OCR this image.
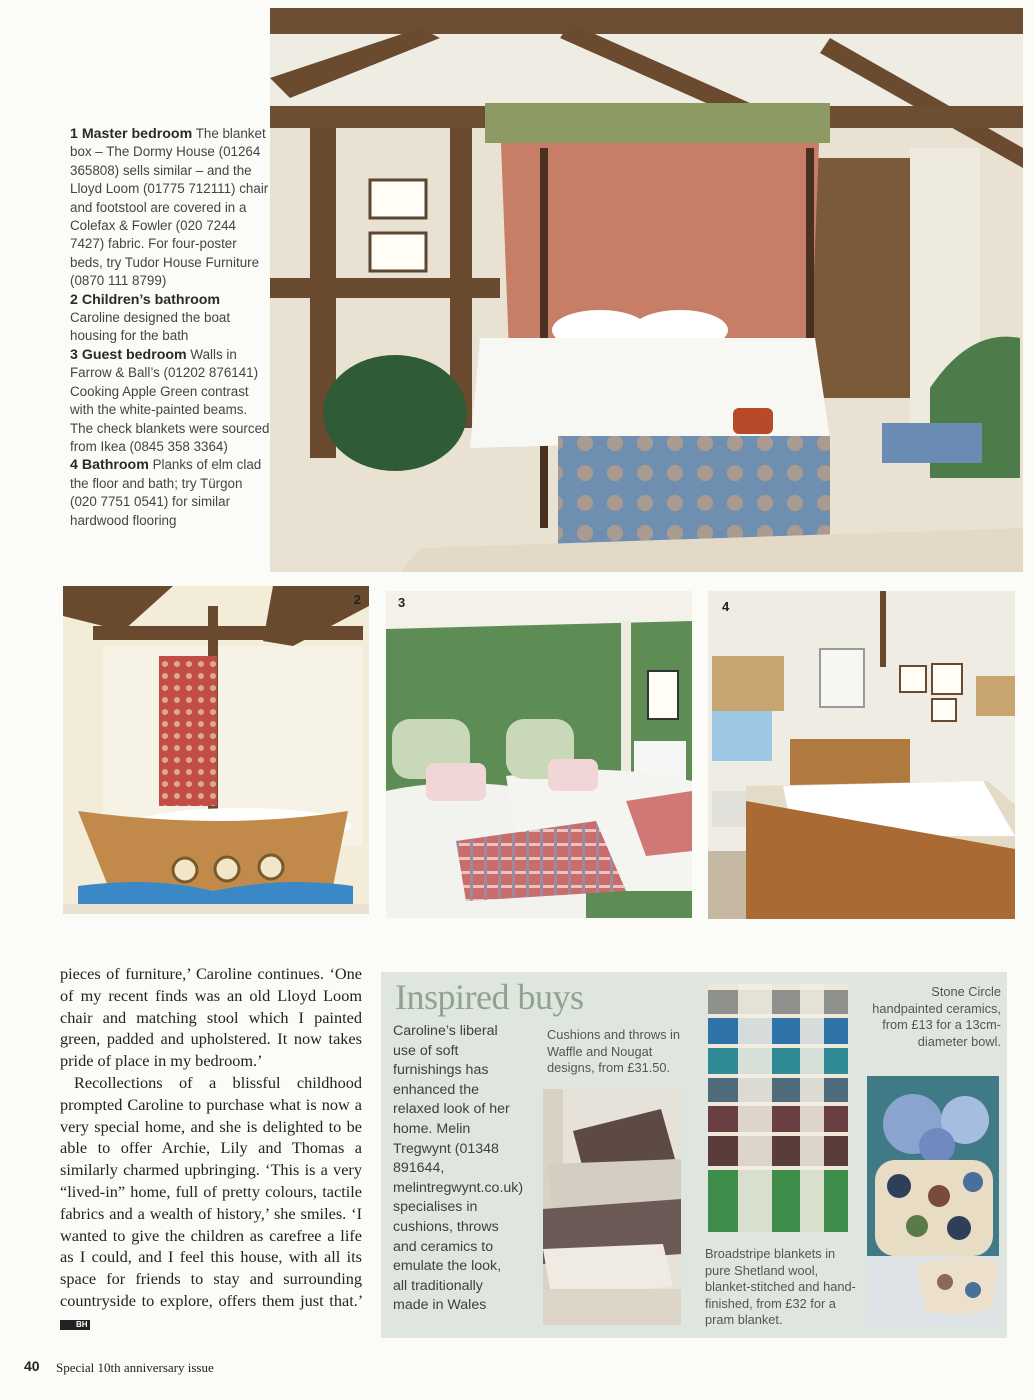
1 Master bedroom The blanket box – The Dormy House (01264 365808) sells similar – and the Lloyd Loom (01775 712111) chair and footstool are covered in a Colefax & Fowler (020 7244 7427) fabric. For four-poster beds, try Tudor House Furniture (0870 111 8799)

2 Children’s bathroom Caroline designed the boat housing for the bath

3 Guest bedroom Walls in Farrow & Ball’s (01202 876141) Cooking Apple Green contrast with the white-painted beams. The check blankets were sourced from Ikea (0845 358 3364)

4 Bathroom Planks of elm clad the floor and bath; try Türgon (020 7751 0541) for similar hardwood flooring

2	3	4

pieces of furniture,’ Caroline continues. ‘One of my recent finds was an old Lloyd Loom chair and matching stool which I painted green, padded and upholstered. It now takes pride of place in my bedroom.’

Recollections of a blissful childhood prompted Caroline to purchase what is now a very special home, and she is delighted to be able to offer Archie, Lily and Thomas a similarly charmed upbringing. ‘This is a very “lived-in” home, full of pretty colours, tactile fabrics and a wealth of history,’ she smiles. ‘I wanted to give the children as carefree a life as I could, and I feel this house, with all its space for friends to stay and surrounding countryside to explore, offers them just that.’ BH

Inspired buys
Caroline’s liberal use of soft furnishings has enhanced the relaxed look of her home. Melin Tregwynt (01348 891644, melintregwynt.co.uk) specialises in cushions, throws and ceramics to emulate the look, all traditionally made in Wales
Cushions and throws in Waffle and Nougat designs, from £31.50.
Broadstripe blankets in pure Shetland wool, blanket-stitched and hand-finished, from £32 for a pram blanket.
Stone Circle handpainted ceramics, from £13 for a 13cm-diameter bowl.
40 Special 10th anniversary issue
